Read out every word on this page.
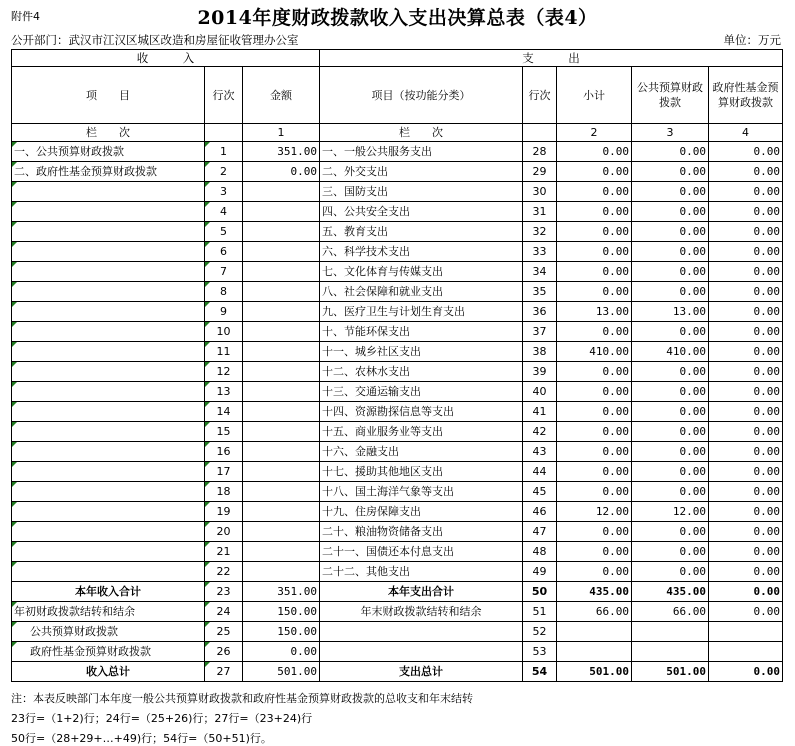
附件4	2014年度财政拨款收入支出决算总表（表4）
公开部门：武汉市江汉区城区改造和房屋征收管理办公室	单位：万元
收　　　入			支　　　出				
项　　目	行次	金额	项目（按功能分类）	行次	小计	公共预算财政拨款	政府性基金预算财政拨款
栏　　次		1	栏　　次		2	3	4
一、公共预算财政拨款	1	351.00	一、一般公共服务支出	28	0.00	0.00	0.00
二、政府性基金预算财政拨款	2	0.00	二、外交支出	29	0.00	0.00	0.00
	3		三、国防支出	30	0.00	0.00	0.00
	4		四、公共安全支出	31	0.00	0.00	0.00
	5		五、教育支出	32	0.00	0.00	0.00
	6		六、科学技术支出	33	0.00	0.00	0.00
	7		七、文化体育与传媒支出	34	0.00	0.00	0.00
	8		八、社会保障和就业支出	35	0.00	0.00	0.00
	9		九、医疗卫生与计划生育支出	36	13.00	13.00	0.00
	10		十、节能环保支出	37	0.00	0.00	0.00
	11		十一、城乡社区支出	38	410.00	410.00	0.00
	12		十二、农林水支出	39	0.00	0.00	0.00
	13		十三、交通运输支出	40	0.00	0.00	0.00
	14		十四、资源勘探信息等支出	41	0.00	0.00	0.00
	15		十五、商业服务业等支出	42	0.00	0.00	0.00
	16		十六、金融支出	43	0.00	0.00	0.00
	17		十七、援助其他地区支出	44	0.00	0.00	0.00
	18		十八、国土海洋气象等支出	45	0.00	0.00	0.00
	19		十九、住房保障支出	46	12.00	12.00	0.00
	20		二十、粮油物资储备支出	47	0.00	0.00	0.00
	21		二十一、国债还本付息支出	48	0.00	0.00	0.00
	22		二十二、其他支出	49	0.00	0.00	0.00
本年收入合计	23	351.00	本年支出合计	50	435.00	435.00	0.00
年初财政拨款结转和结余	24	150.00	年末财政拨款结转和结余	51	66.00	66.00	0.00
公共预算财政拨款	25	150.00		52			
政府性基金预算财政拨款	26	0.00		53			
收入总计	27	501.00	支出总计	54	501.00	501.00	0.00
注：本表反映部门本年度一般公共预算财政拨款和政府性基金预算财政拨款的总收支和年末结转
23行=（1+2)行；24行=（25+26)行；27行=（23+24)行
50行=（28+29+…+49)行；54行=（50+51)行。
